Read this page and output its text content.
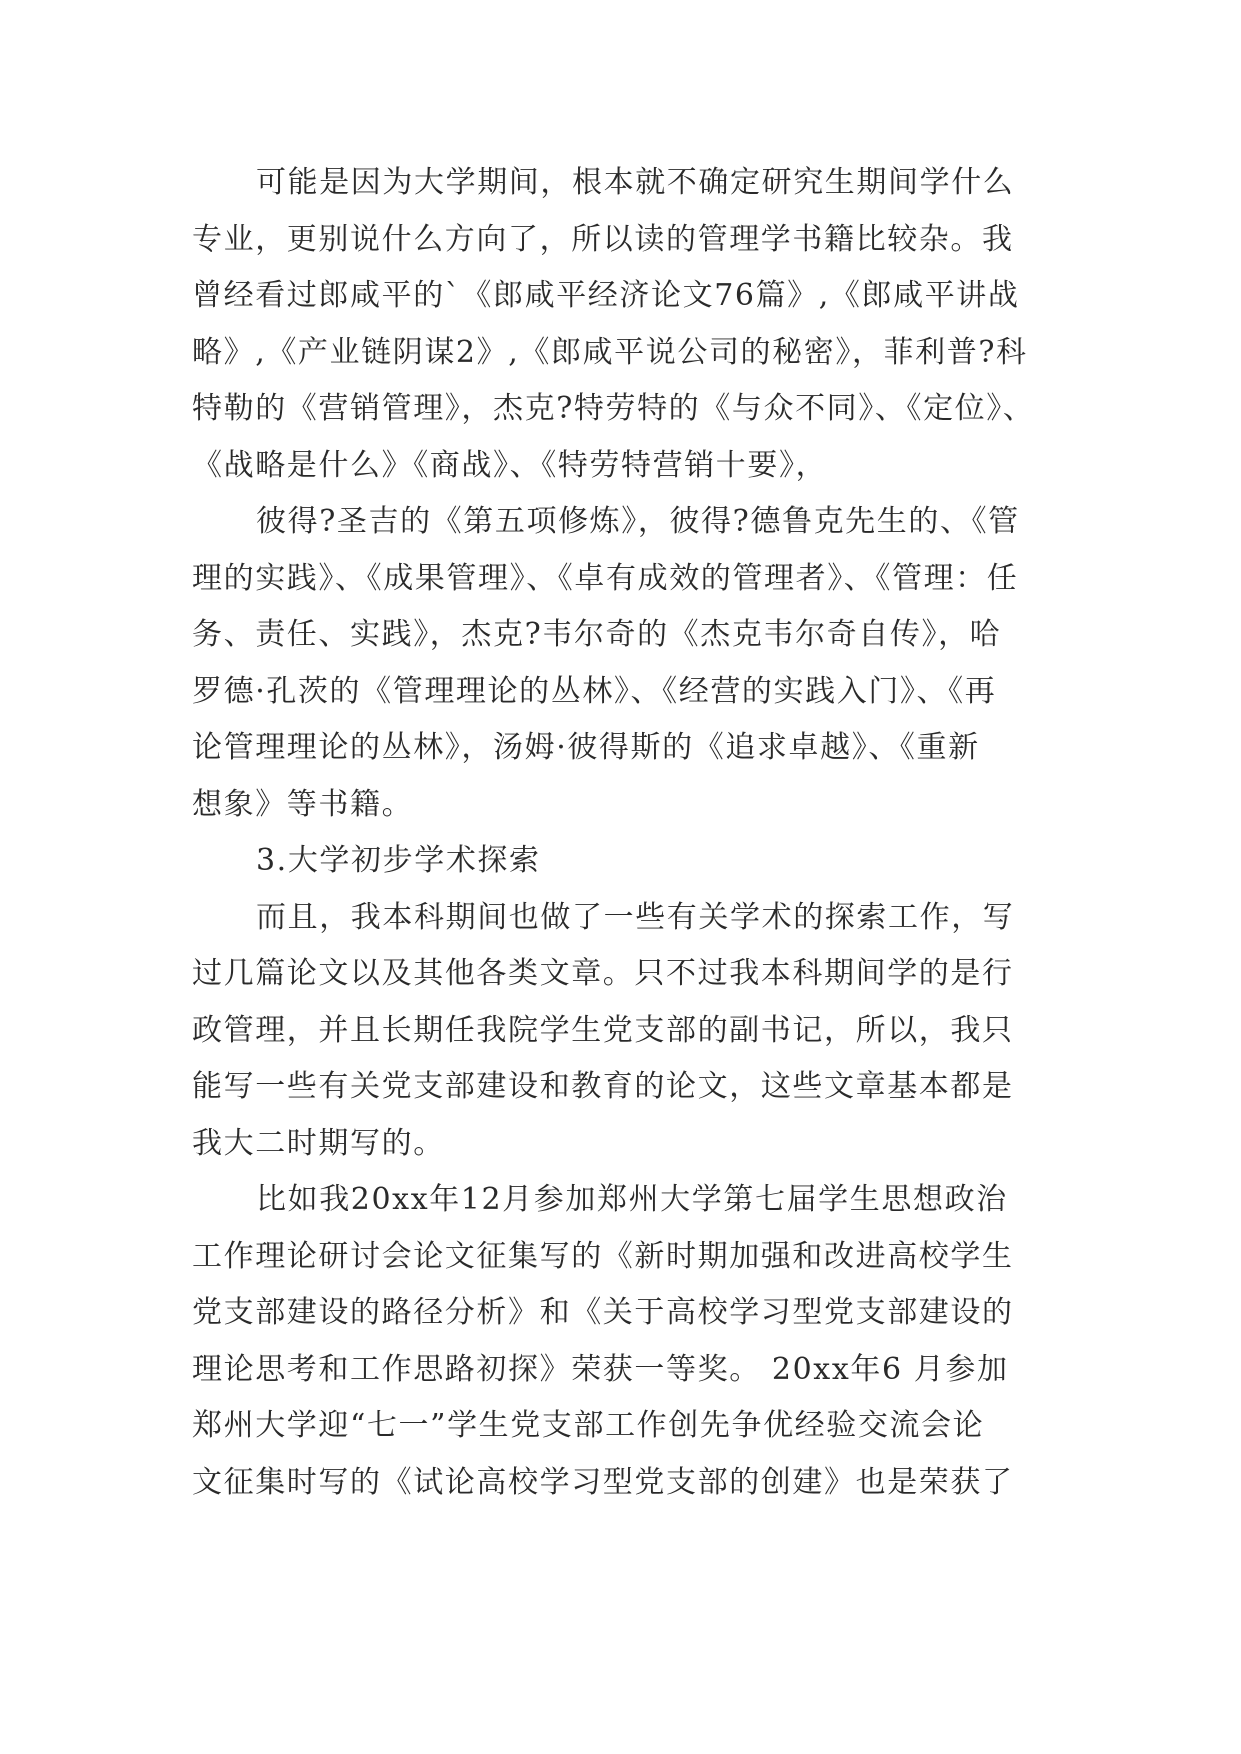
可能是因为大学期间，根本就不确定研究生期间学什么
专业，更别说什么方向了，所以读的管理学书籍比较杂。我
曾经看过郎咸平的`《郎咸平经济论文76篇》,《郎咸平讲战
略》,《产业链阴谋2》,《郎咸平说公司的秘密》，菲利普?科
特勒的《营销管理》，杰克?特劳特的《与众不同》、《定位》、
《战略是什么》《商战》、《特劳特营销十要》，
彼得?圣吉的《第五项修炼》，彼得?德鲁克先生的、《管
理的实践》、《成果管理》、《卓有成效的管理者》、《管理：任
务、责任、实践》，杰克?韦尔奇的《杰克韦尔奇自传》，哈
罗德·孔茨的《管理理论的丛林》、《经营的实践入门》、《再
论管理理论的丛林》，汤姆·彼得斯的《追求卓越》、《重新
想象》等书籍。
3.大学初步学术探索
而且，我本科期间也做了一些有关学术的探索工作，写
过几篇论文以及其他各类文章。只不过我本科期间学的是行
政管理，并且长期任我院学生党支部的副书记，所以，我只
能写一些有关党支部建设和教育的论文，这些文章基本都是
我大二时期写的。
比如我20xx年12月参加郑州大学第七届学生思想政治
工作理论研讨会论文征集写的《新时期加强和改进高校学生
党支部建设的路径分析》和《关于高校学习型党支部建设的
理论思考和工作思路初探》荣获一等奖。 20xx年6 月参加
郑州大学迎“七一”学生党支部工作创先争优经验交流会论
文征集时写的《试论高校学习型党支部的创建》也是荣获了
